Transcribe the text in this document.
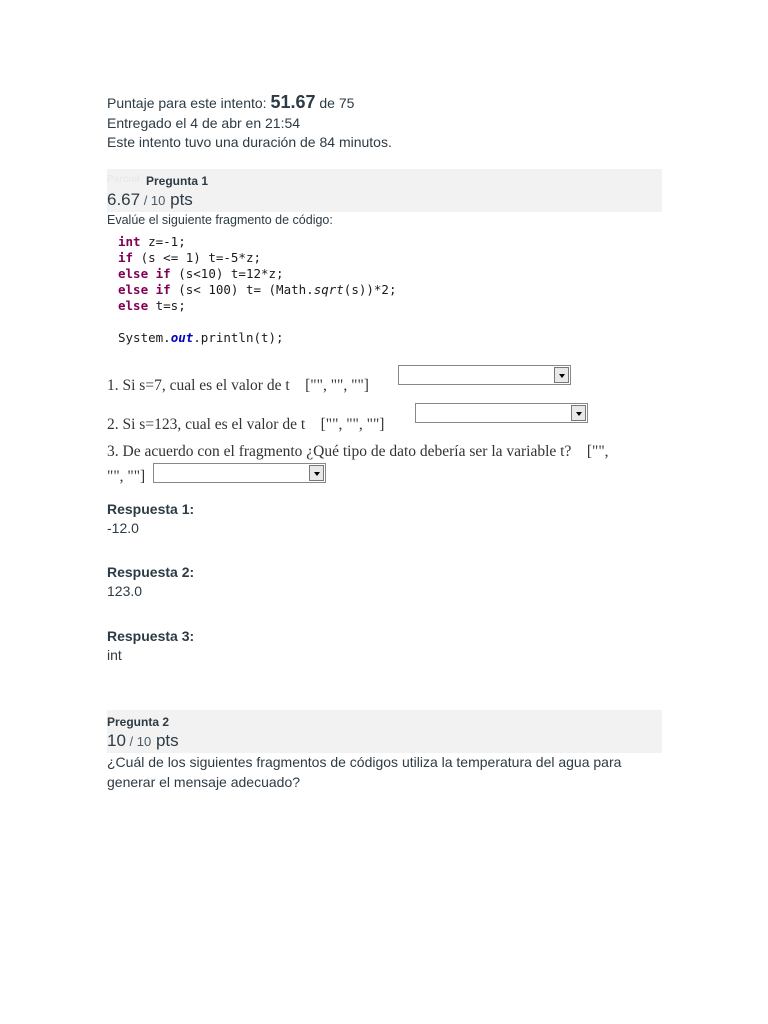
Puntaje para este intento: 51.67 de 75
Entregado el 4 de abr en 21:54
Este intento tuvo una duración de 84 minutos.
Parcial Pregunta 1
6.67 / 10 pts
Evalúe el siguiente fragmento de código:
int z=-1;
if (s <= 1) t=-5*z;
else if (s<10) t=12*z;
else if (s< 100) t= (Math.sqrt(s))*2;
else t=s;

System.out.println(t);
1. Si s=7, cual es el valor de t    ["", "", ""]
2. Si s=123, cual es el valor de t    ["", "", ""]
3. De acuerdo con el fragmento ¿Qué tipo de dato debería ser la variable t?    ["",
"", ""]
Respuesta 1:
-12.0
Respuesta 2:
123.0
Respuesta 3:
int
Pregunta 2
10 / 10 pts
¿Cuál de los siguientes fragmentos de códigos utiliza la temperatura del agua para generar el mensaje adecuado?
